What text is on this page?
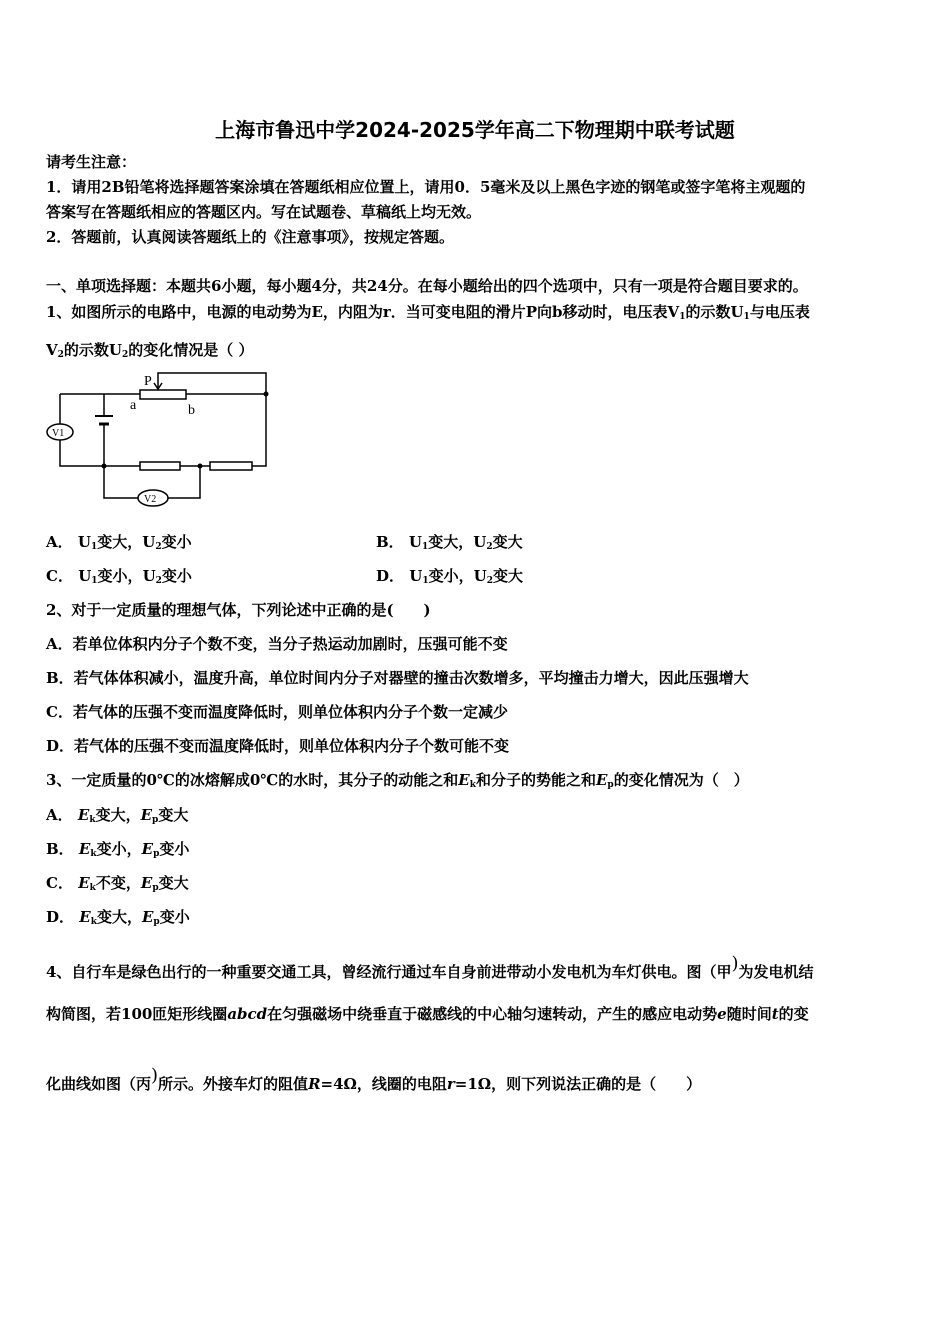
上海市鲁迅中学2024-2025学年高二下物理期中联考试题
请考生注意：
1．请用2B铅笔将选择题答案涂填在答题纸相应位置上，请用0．5毫米及以上黑色字迹的钢笔或签字笔将主观题的
答案写在答题纸相应的答题区内。写在试题卷、草稿纸上均无效。
2．答题前，认真阅读答题纸上的《注意事项》，按规定答题。
一、单项选择题：本题共6小题，每小题4分，共24分。在每小题给出的四个选项中，只有一项是符合题目要求的。
1、如图所示的电路中，电源的电动势为E，内阻为r．当可变电阻的滑片P向b移动时，电压表$V_1$的示数$U_1$与电压表
$V_2$的示数$U_2$的变化情况是（ ）
P
a	b
V1
V2
A． $U_1$变大，$U_2$变小	B． $U_1$变大，$U_2$变大
C． $U_1$变小，$U_2$变小	D． $U_1$变小，$U_2$变大
2、对于一定质量的理想气体，下列论述中正确的是(　　)
A．若单位体积内分子个数不变，当分子热运动加剧时，压强可能不变
B．若气体体积减小，温度升高，单位时间内分子对器壁的撞击次数增多，平均撞击力增大，因此压强增大
C．若气体的压强不变而温度降低时，则单位体积内分子个数一定减少
D．若气体的压强不变而温度降低时，则单位体积内分子个数可能不变
3、一定质量的0℃的冰熔解成0℃的水时，其分子的动能之和$E_k$和分子的势能之和$E_p$的变化情况为（　）
A． $E_k$变大，$E_p$变大
B． $E_k$变小，$E_p$变小
C． $E_k$不变，$E_p$变大
D． $E_k$变大，$E_p$变小
4、自行车是绿色出行的一种重要交通工具，曾经流行通过车自身前进带动小发电机为车灯供电。图（甲)为发电机结
构简图，若100匝矩形线圈abcd在匀强磁场中绕垂直于磁感线的中心轴匀速转动，产生的感应电动势e随时间t的变
化曲线如图（丙)所示。外接车灯的阻值R=4Ω，线圈的电阻r=1Ω，则下列说法正确的是（　　）
